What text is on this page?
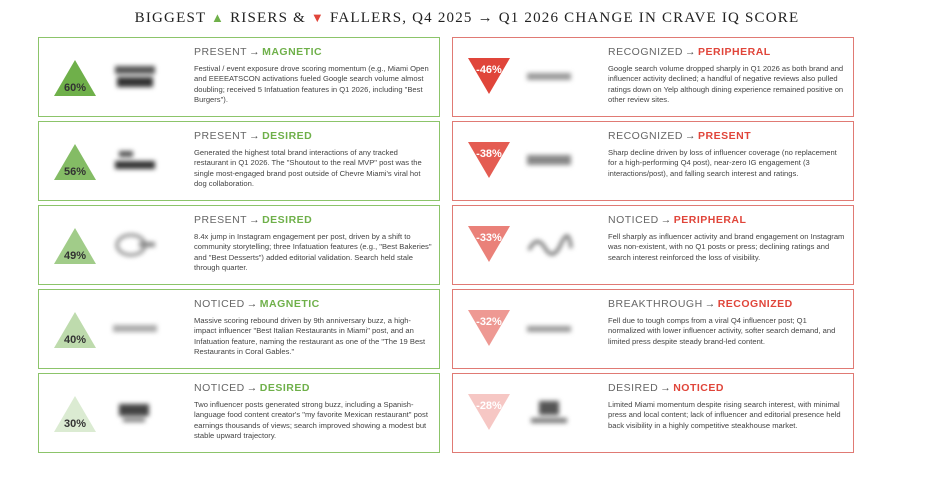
BIGGEST ▲ RISERS & ▼ FALLERS, Q4 2025 → Q1 2026 CHANGE IN CRAVE IQ SCORE
60%
PRESENT → MAGNETIC
Festival / event exposure drove scoring momentum (e.g., Miami Open and EEEEATSCON activations fueled Google search volume almost doubling; received 5 Infatuation features in Q1 2026, including "Best Burgers").
56%
PRESENT → DESIRED
Generated the highest total brand interactions of any tracked restaurant in Q1 2026. The "Shoutout to the real MVP" post was the single most-engaged brand post outside of Chevre Miami's viral hot dog collaboration.
49%
PRESENT → DESIRED
8.4x jump in Instagram engagement per post, driven by a shift to community storytelling; three Infatuation features (e.g., "Best Bakeries" and "Best Desserts") added editorial validation. Search held stale through quarter.
40%
NOTICED → MAGNETIC
Massive scoring rebound driven by 9th anniversary buzz, a high-impact influencer "Best Italian Restaurants in Miami" post, and an Infatuation feature, naming the restaurant as one of the "The 19 Best Restaurants in Coral Gables."
30%
NOTICED → DESIRED
Two influencer posts generated strong buzz, including a Spanish-language food content creator's "my favorite Mexican restaurant" post earnings thousands of views; search improved showing a modest but stable upward trajectory.
-46%
RECOGNIZED → PERIPHERAL
Google search volume dropped sharply in Q1 2026 as both brand and influencer activity declined; a handful of negative reviews also pulled ratings down on Yelp although dining experience remained positive on other review sites.
-38%
RECOGNIZED → PRESENT
Sharp decline driven by loss of influencer coverage (no replacement for a high-performing Q4 post), near-zero IG engagement (3 interactions/post), and falling search interest and ratings.
-33%
NOTICED → PERIPHERAL
Fell sharply as influencer activity and brand engagement on Instagram was non-existent, with no Q1 posts or press; declining ratings and search interest reinforced the loss of visibility.
-32%
BREAKTHROUGH → RECOGNIZED
Fell due to tough comps from a viral Q4 influencer post; Q1 normalized with lower influencer activity, softer search demand, and limited press despite steady brand-led content.
-28%
DESIRED → NOTICED
Limited Miami momentum despite rising search interest, with minimal press and local content; lack of influencer and editorial presence held back visibility in a highly competitive steakhouse market.
